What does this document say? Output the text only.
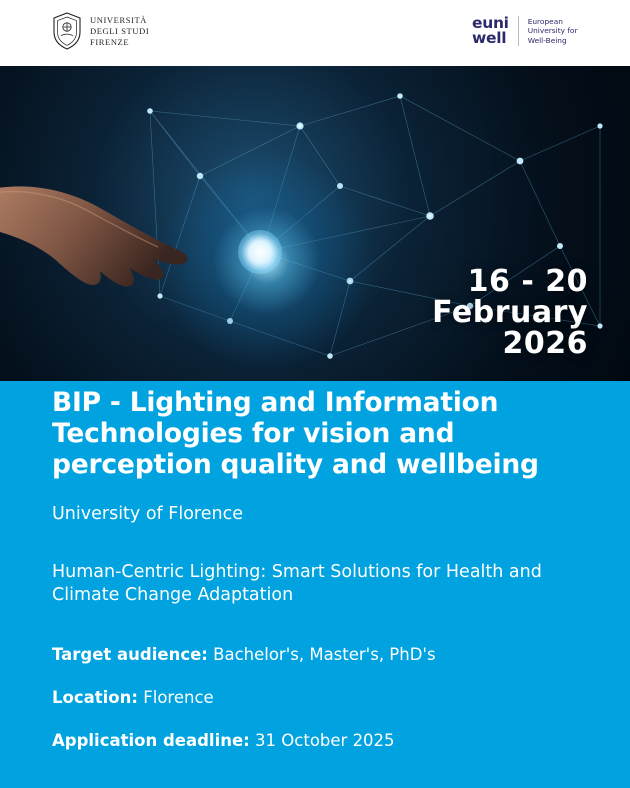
UNIVERSITÀ
DEGLI STUDI
FIRENZE
euni
well
European
University for
Well-Being
16 - 20
February
2026
BIP - Lighting and Information Technologies for vision and perception quality and wellbeing
University of Florence
Human-Centric Lighting: Smart Solutions for Health and Climate Change Adaptation
Target audience: Bachelor's, Master's, PhD's
Location: Florence
Application deadline: 31 October 2025
